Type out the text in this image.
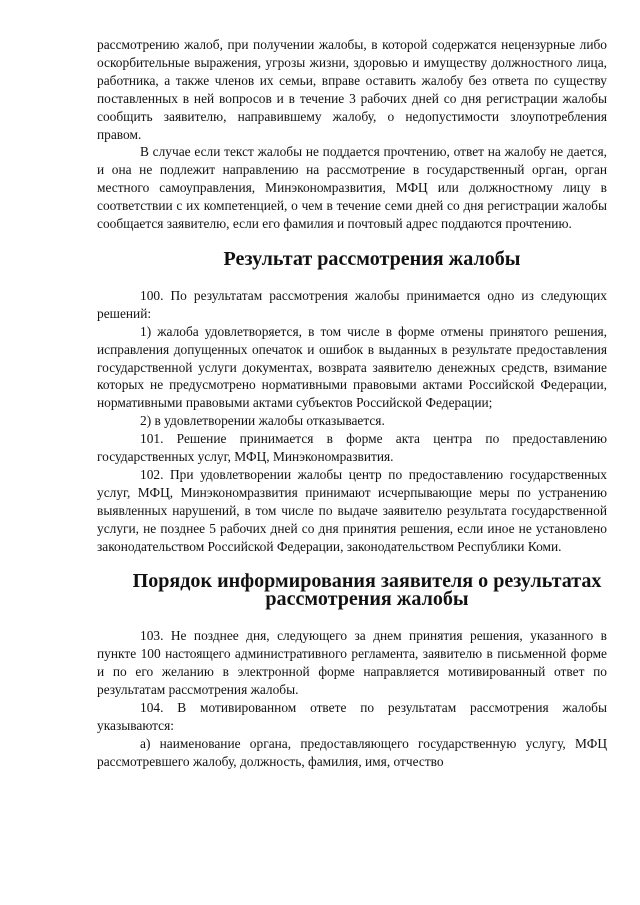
рассмотрению жалоб, при получении жалобы, в которой содержатся нецензурные либо оскорбительные выражения, угрозы жизни, здоровью и имуществу должностного лица, работника, а также членов их семьи, вправе оставить жалобу без ответа по существу поставленных в ней вопросов и в течение 3 рабочих дней со дня регистрации жалобы сообщить заявителю, направившему жалобу, о недопустимости злоупотребления правом.

В случае если текст жалобы не поддается прочтению, ответ на жалобу не дается, и она не подлежит направлению на рассмотрение в государственный орган, орган местного самоуправления, Минэкономразвития, МФЦ или должностному лицу в соответствии с их компетенцией, о чем в течение семи дней со дня регистрации жалобы сообщается заявителю, если его фамилия и почтовый адрес поддаются прочтению.

Результат рассмотрения жалобы

100. По результатам рассмотрения жалобы принимается одно из следующих решений:

1) жалоба удовлетворяется, в том числе в форме отмены принятого решения, исправления допущенных опечаток и ошибок в выданных в результате предоставления государственной услуги документах, возврата заявителю денежных средств, взимание которых не предусмотрено нормативными правовыми актами Российской Федерации, нормативными правовыми актами субъектов Российской Федерации;

2) в удовлетворении жалобы отказывается.

101. Решение принимается в форме акта центра по предоставлению государственных услуг, МФЦ, Минэкономразвития.

102. При удовлетворении жалобы центр по предоставлению государственных услуг, МФЦ, Минэкономразвития принимают исчерпывающие меры по устранению выявленных нарушений, в том числе по выдаче заявителю результата государственной услуги, не позднее 5 рабочих дней со дня принятия решения, если иное не установлено законодательством Российской Федерации, законодательством Республики Коми.

Порядок информирования заявителя о результатах рассмотрения жалобы

103. Не позднее дня, следующего за днем принятия решения, указанного в пункте 100 настоящего административного регламента, заявителю в письменной форме и по его желанию в электронной форме направляется мотивированный ответ по результатам рассмотрения жалобы.

104. В мотивированном ответе по результатам рассмотрения жалобы указываются:

а) наименование органа, предоставляющего государственную услугу, МФЦ рассмотревшего жалобу, должность, фамилия, имя, отчество
